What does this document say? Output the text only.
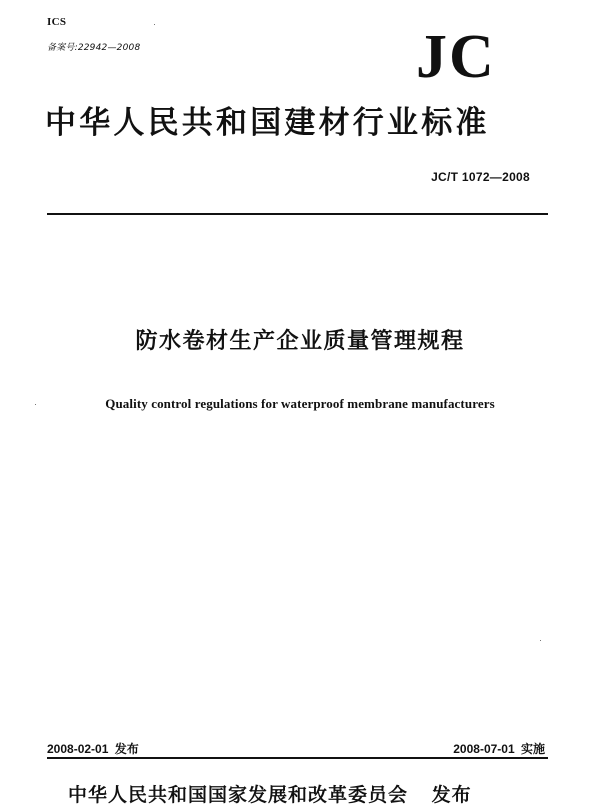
ICS
备案号:22942—2008	JC
中华人民共和国建材行业标准
JC/T 1072—2008
防水卷材生产企业质量管理规程
Quality control regulations for waterproof membrane manufacturers
2008-02-01 发布	2008-07-01 实施
中华人民共和国国家发展和改革委员会 发布
